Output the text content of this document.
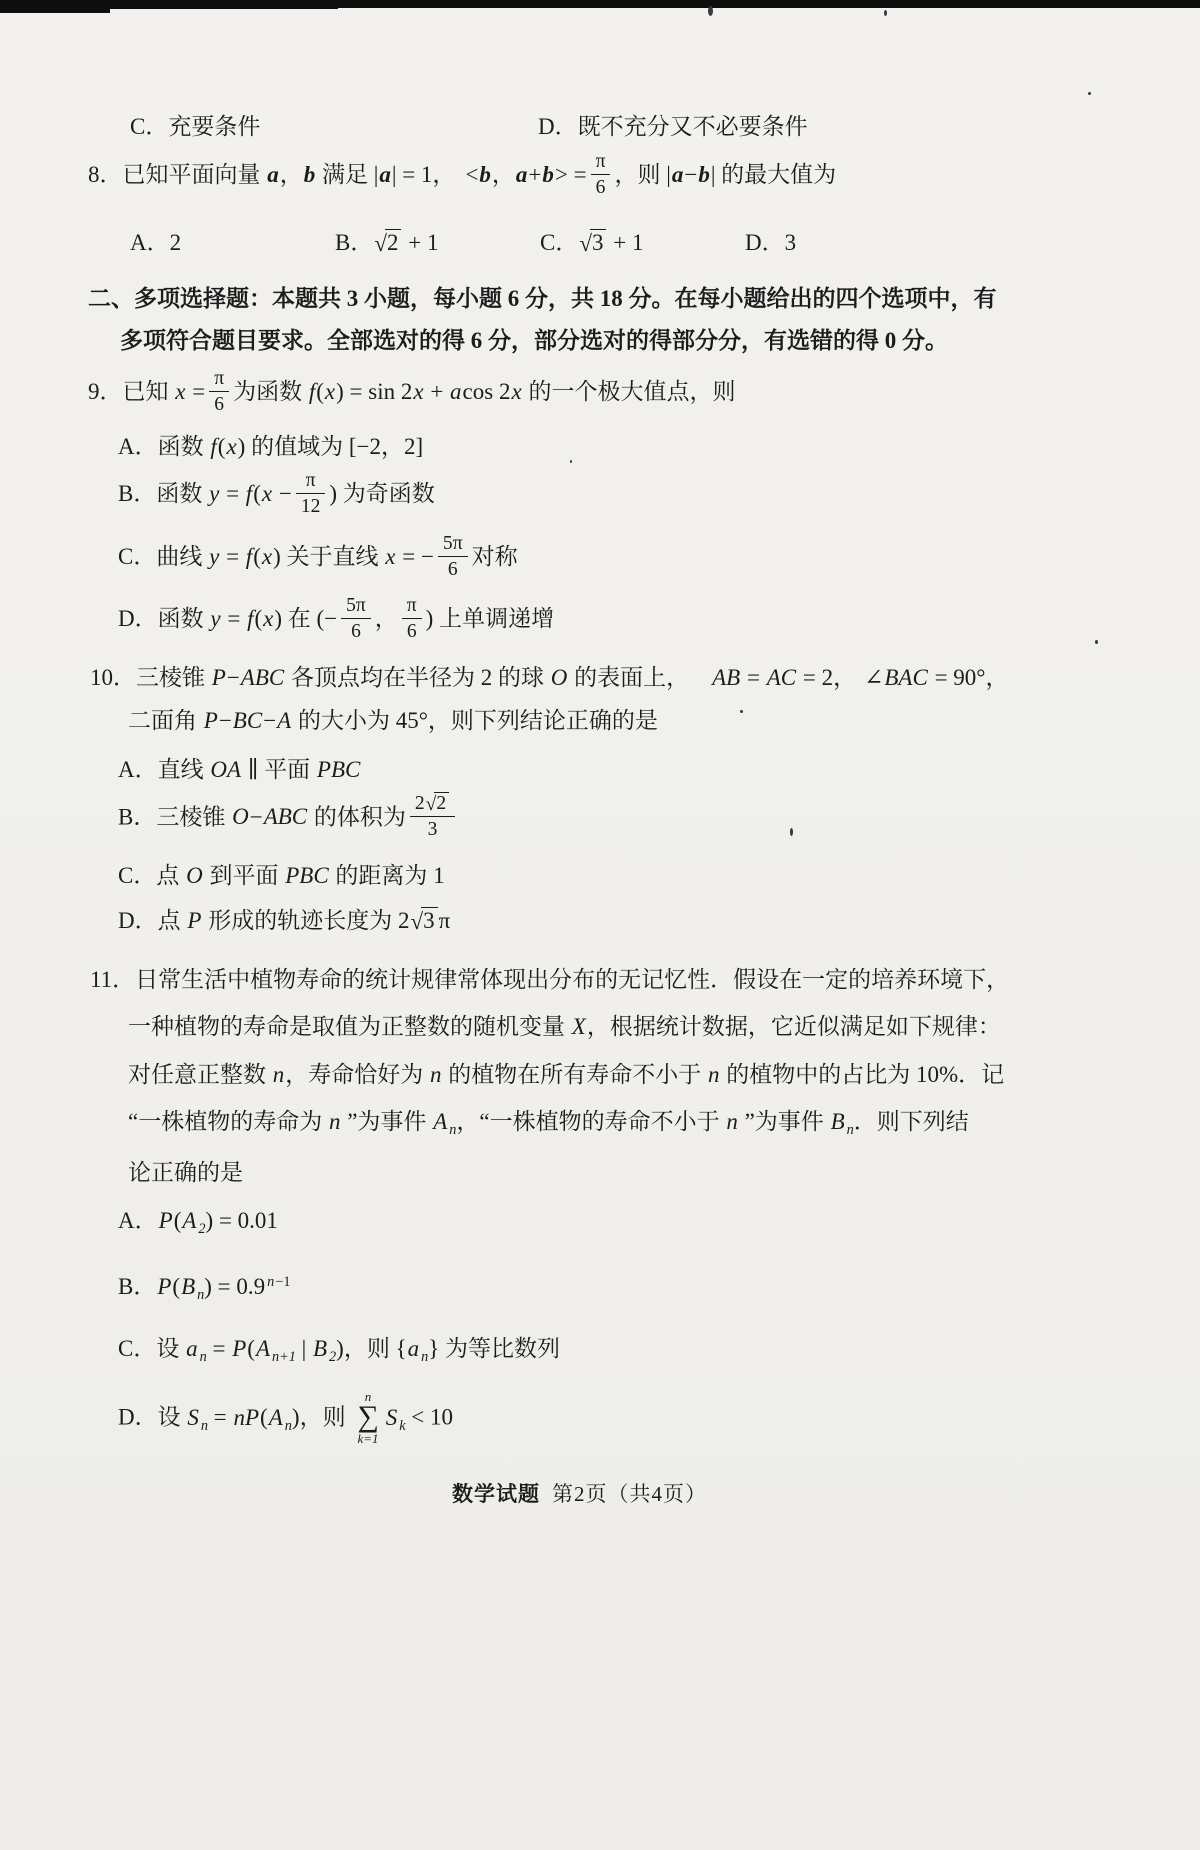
C．充要条件	D．既不充分又不必要条件
8．已知平面向量 a，b 满足 |a| = 1， <b，$a+b> = \frac{\pi}{6}$ ，则 |a−b| 的最大值为
A．2	B．√2 + 1	C．√3 + 1	D．3
二、多项选择题：本题共 3 小题，每小题 6 分，共 18 分。在每小题给出的四个选项中，有
多项符合题目要求。全部选对的得 6 分，部分选对的得部分分，有选错的得 0 分。
9．已知 $x = \frac{\pi}{6}$ 为函数 f(x) = sin 2x + acos 2x 的一个极大值点，则
A．函数 f(x) 的值域为 [−2，2]
B．函数 $y = f(x - \frac{\pi}{12}$ ) 为奇函数
C．曲线 y = f(x) 关于直线 x = − $\frac{5\pi}{6}$ 对称
D．函数 y = f(x) 在 (− $\frac{5\pi}{6}$ ， $\frac{\pi}{6}$ ) 上单调递增
10．三棱锥 P−ABC 各顶点均在半径为 2 的球 O 的表面上， AB = AC = 2， ∠BAC = 90°，
二面角 P−BC−A 的大小为 45°，则下列结论正确的是
A．直线 OA ∥ 平面 PBC
B．三棱锥 O−ABC 的体积为 $\frac{2√2}{3}$
C．点 O 到平面 PBC 的距离为 1
D．点 P 形成的轨迹长度为 2√3 π
11．日常生活中植物寿命的统计规律常体现出分布的无记忆性．假设在一定的培养环境下，
一种植物的寿命是取值为正整数的随机变量 X，根据统计数据，它近似满足如下规律：
对任意正整数 n，寿命恰好为 n 的植物在所有寿命不小于 n 的植物中的占比为 10%．记
“一株植物的寿命为 n ”为事件 A $_n$，“一株植物的寿命不小于 n ”为事件 B $_n$．则下列结
论正确的是
A．P(A $_2$) = 0.01
B．P(B $_n$) = 0.9 n−1
C．设 a $_n$ = P(A $_{n+1}$ | B $_2$)，则 {a $_n$} 为等比数列
D．设 S $_n$ = nP(A $_n$)，则
n
∑
k=1
S $_k$ < 10
数学试题 第2页（共4页）
